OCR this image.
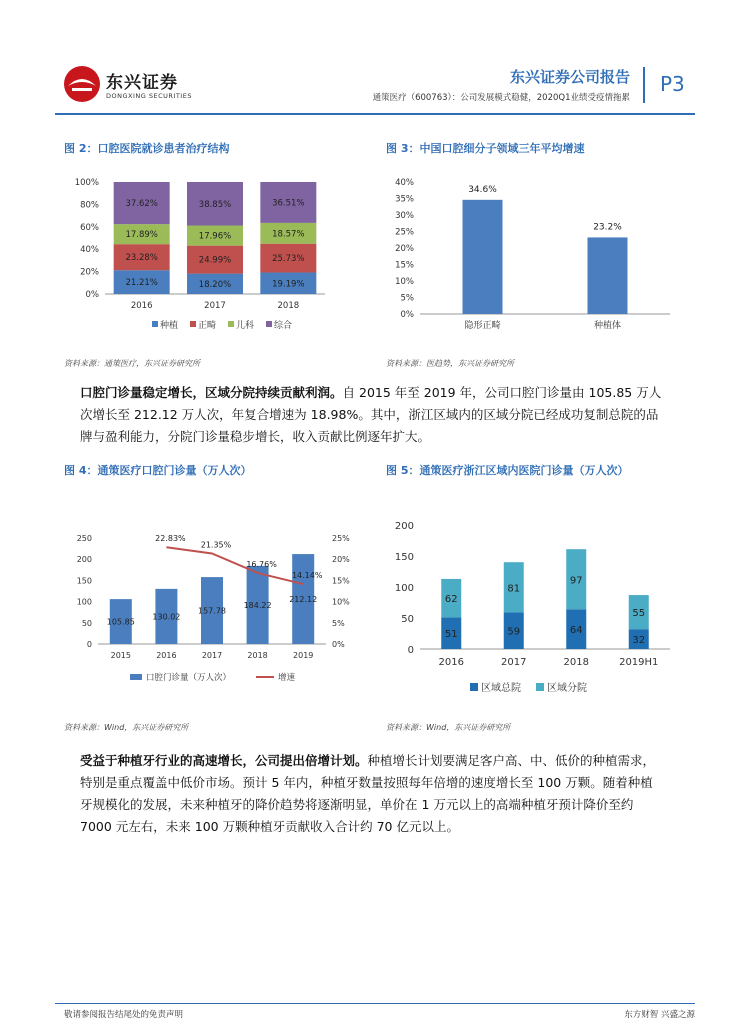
东兴证券
DONGXING SECURITIES
东兴证券公司报告
通策医疗（600763）：公司发展模式稳健，2020Q1业绩受疫情拖累
P3
图 2：口腔医院就诊患者治疗结构
0%
20%
40%
60%
80%
100%
21.21%
23.28%
17.89%
37.62%
2016
18.20%
24.99%
17.96%
38.85%
2017
19.19%
25.73%
18.57%
36.51%
2018
种植 正畸 儿科 综合
资料来源：通策医疗，东兴证券研究所
图 3：中国口腔细分子领域三年平均增速
0%
5%
10%
15%
20%
25%
30%
35%
40%
34.6%
隐形正畸
23.2%
种植体
资料来源：医趋势，东兴证券研究所
口腔门诊量稳定增长，区域分院持续贡献利润。自 2015 年至 2019 年，公司口腔门诊量由 105.85 万人
次增长至 212.12 万人次，年复合增速为 18.98%。其中，浙江区域内的区域分院已经成功复制总院的品
牌与盈利能力，分院门诊量稳步增长，收入贡献比例逐年扩大。
图 4：通策医疗口腔门诊量（万人次）
0
50
100
150
200
250
0%
5%
10%
15%
20%
25%
105.85
2015
130.02
2016
157.78
2017
184.22
2018
212.12
2019
22.83%
21.35%
16.76%
14.14%
口腔门诊量（万人次）	增速
资料来源：Wind，东兴证券研究所
图 5：通策医疗浙江区域内医院门诊量（万人次）
0
50
100
150
200
51
62
2016
59
81
2017
64
97
2018
32
55
2019H1
区域总院	区域分院
资料来源：Wind，东兴证券研究所
受益于种植牙行业的高速增长，公司提出倍增计划。种植增长计划要满足客户高、中、低价的种植需求，
特别是重点覆盖中低价市场。预计 5 年内，种植牙数量按照每年倍增的速度增长至 100 万颗。随着种植
牙规模化的发展，未来种植牙的降价趋势将逐渐明显，单价在 1 万元以上的高端种植牙预计降价至约
7000 元左右，未来 100 万颗种植牙贡献收入合计约 70 亿元以上。
敬请参阅报告结尾处的免责声明	东方财智 兴盛之源
